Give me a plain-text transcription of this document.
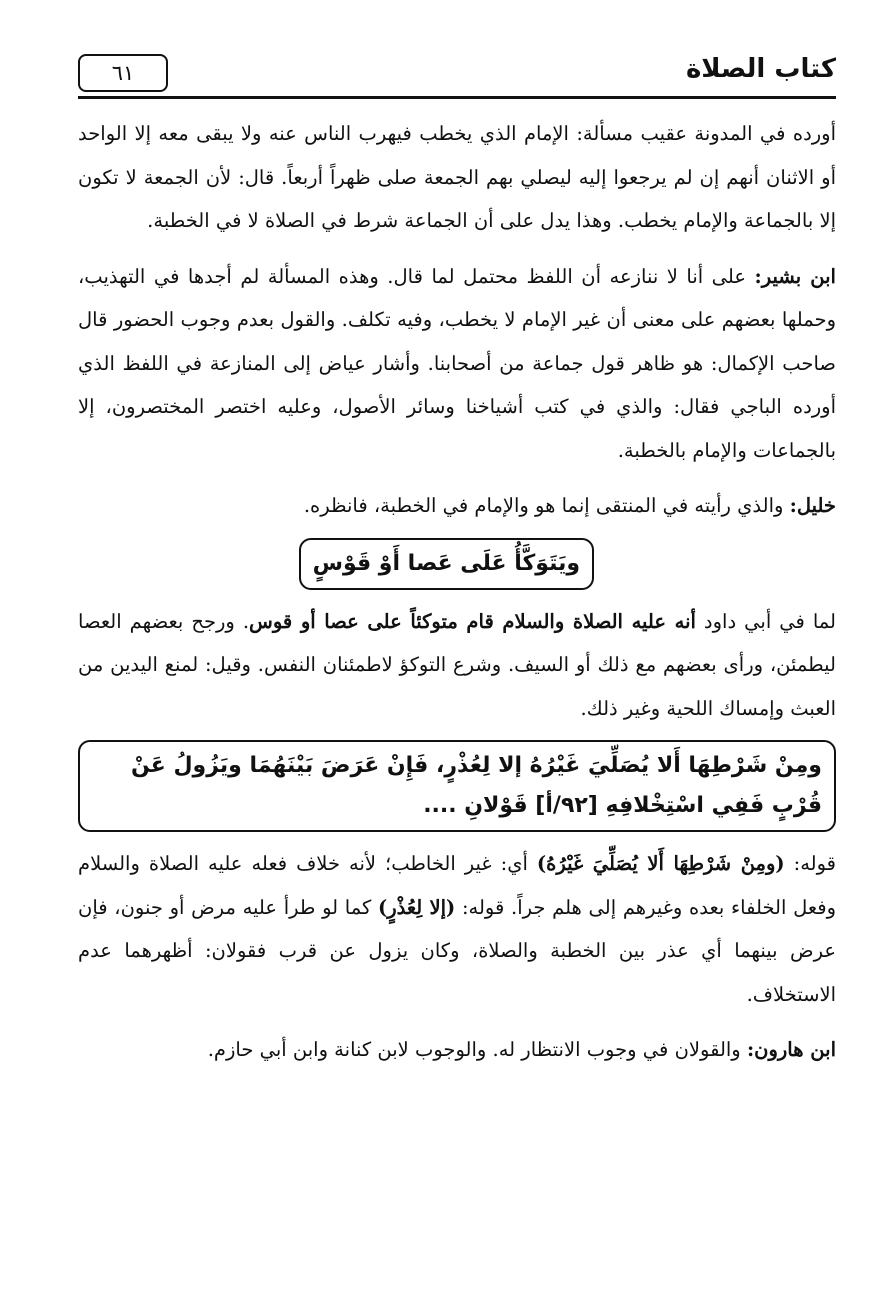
كتاب الصلاة
٦١

أورده في المدونة عقيب مسألة: الإمام الذي يخطب فيهرب الناس عنه ولا يبقى معه إلا الواحد أو الاثنان أنهم إن لم يرجعوا إليه ليصلي بهم الجمعة صلى ظهراً أربعاً. قال: لأن الجمعة لا تكون إلا بالجماعة والإمام يخطب. وهذا يدل على أن الجماعة شرط في الصلاة لا في الخطبة.

ابن بشير: على أنا لا ننازعه أن اللفظ محتمل لما قال. وهذه المسألة لم أجدها في التهذيب، وحملها بعضهم على معنى أن غير الإمام لا يخطب، وفيه تكلف. والقول بعدم وجوب الحضور قال صاحب الإكمال: هو ظاهر قول جماعة من أصحابنا. وأشار عياض إلى المنازعة في اللفظ الذي أورده الباجي فقال: والذي في كتب أشياخنا وسائر الأصول، وعليه اختصر المختصرون، إلا بالجماعات والإمام بالخطبة.

خليل: والذي رأيته في المنتقى إنما هو والإمام في الخطبة، فانظره.

ويَتَوَكَّأُ عَلَى عَصا أَوْ قَوْسٍ

لما في أبي داود أنه عليه الصلاة والسلام قام متوكئاً على عصا أو قوس. ورجح بعضهم العصا ليطمئن، ورأى بعضهم مع ذلك أو السيف. وشرع التوكؤ لاطمئنان النفس. وقيل: لمنع اليدين من العبث وإمساك اللحية وغير ذلك.

ومِنْ شَرْطِهَا أَلا يُصَلِّيَ غَيْرُهُ إلا لِعُذْرٍ، فَإِنْ عَرَضَ بَيْنَهُمَا ويَزُولُ عَنْ
قُرْبٍ فَفِي اسْتِخْلافِهِ [٩٢/أ] قَوْلانِ ....

قوله: (ومِنْ شَرْطِهَا أَلا يُصَلِّيَ غَيْرُهُ) أي: غير الخاطب؛ لأنه خلاف فعله عليه الصلاة والسلام وفعل الخلفاء بعده وغيرهم إلى هلم جراً. قوله: (إلا لِعُذْرٍ) كما لو طرأ عليه مرض أو جنون، فإن عرض بينهما أي عذر بين الخطبة والصلاة، وكان يزول عن قرب فقولان: أظهرهما عدم الاستخلاف.

ابن هارون: والقولان في وجوب الانتظار له. والوجوب لابن كنانة وابن أبي حازم.
